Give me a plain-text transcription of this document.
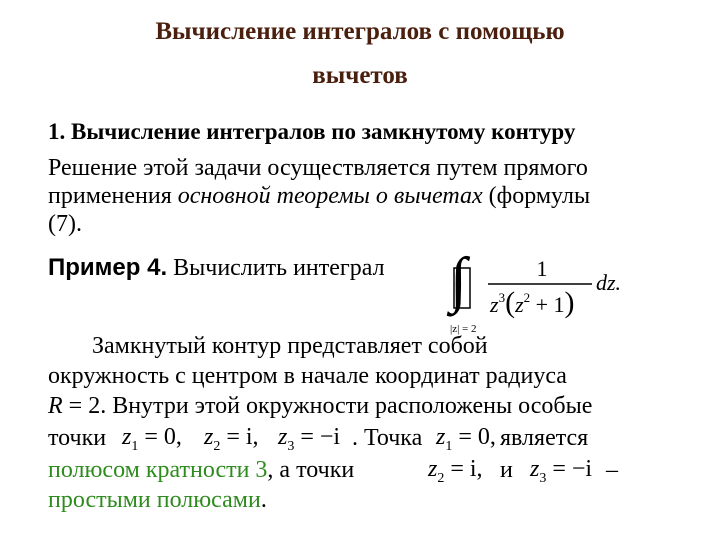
Вычисление интегралов с помощью
вычетов
1. Вычисление интегралов по замкнутому контуру
Решение этой задачи осуществляется путем прямого
применения основной теоремы о вычетах (формулы
(7).
Пример 4. Вычислить интеграл ∫
|z| = 2
1
$z^3(z^2 + 1)$
dz.
Замкнутый контур представляет собой
окружность с центром в начале координат радиуса
R = 2. Внутри этой окружности расположены особые
точки $z_1 = 0$, $z_2 = i$, $z_3 = -i$ . Точка $z_1 = 0$, является
полюсом кратности 3, а точки	$z_2 = i$, и $z_3 = -i$ –
простыми полюсами.
